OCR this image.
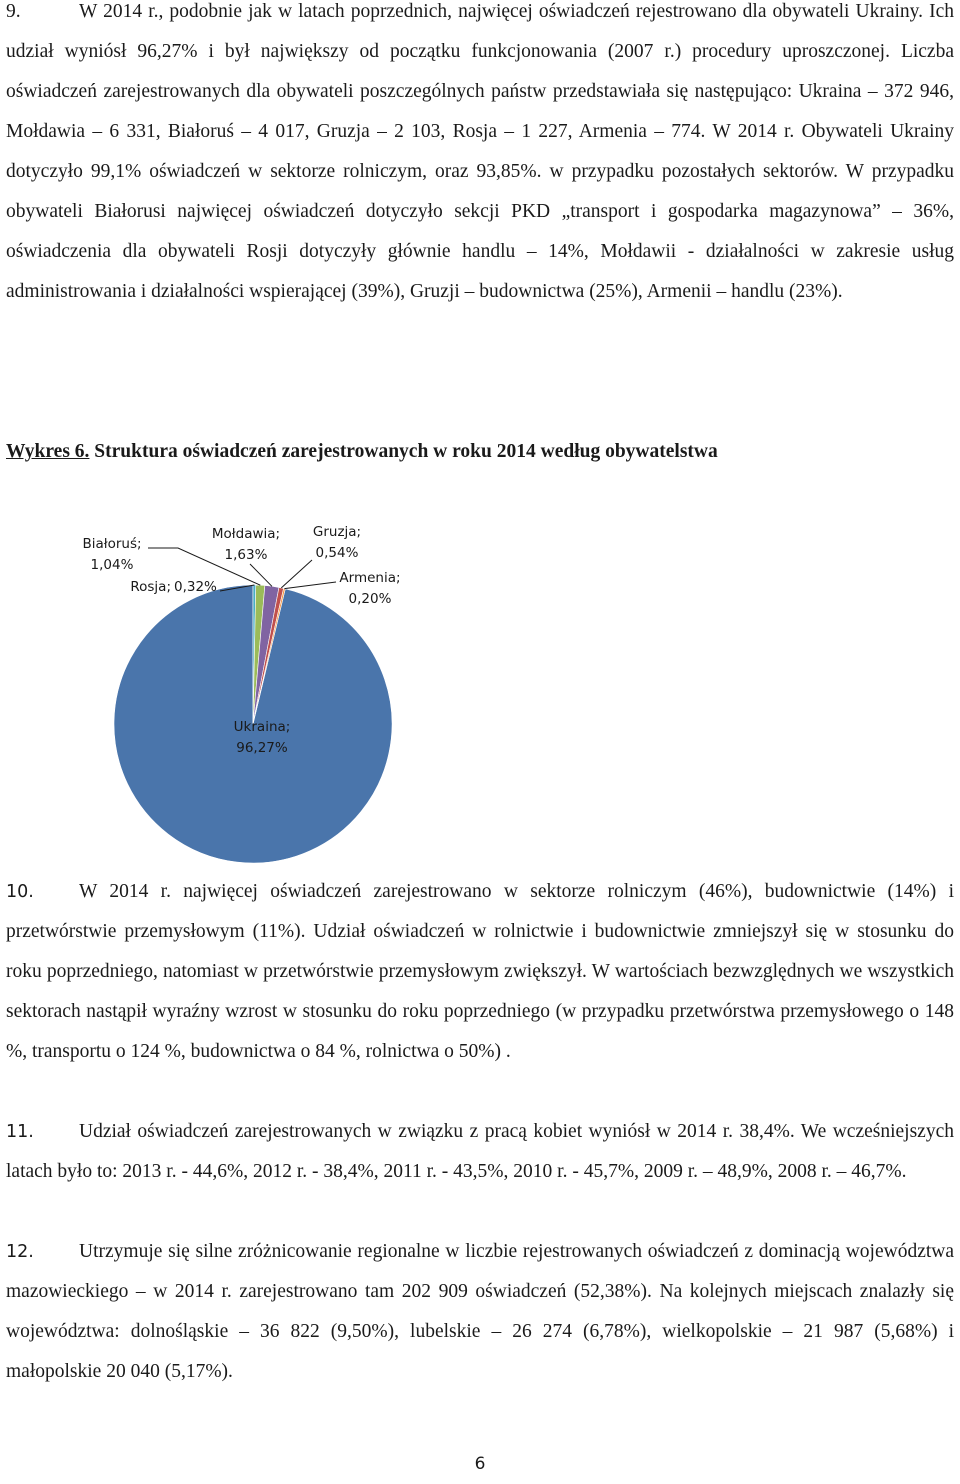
9.	W 2014 r., podobnie jak w latach poprzednich, najwięcej oświadczeń rejestrowano dla obywateli Ukrainy. Ich udział wyniósł 96,27% i był największy od początku funkcjonowania (2007 r.) procedury uproszczonej. Liczba oświadczeń zarejestrowanych dla obywateli poszczególnych państw przedstawiała się następująco: Ukraina – 372 946, Mołdawia – 6 331, Białoruś – 4 017, Gruzja – 2 103, Rosja – 1 227, Armenia – 774. W 2014 r. Obywateli Ukrainy dotyczyło 99,1% oświadczeń w sektorze rolniczym, oraz 93,85%. w przypadku pozostałych sektorów. W przypadku obywateli Białorusi najwięcej oświadczeń dotyczyło sekcji PKD „transport i gospodarka magazynowa” – 36%, oświadczenia dla obywateli Rosji dotyczyły głównie handlu – 14%, Mołdawii - działalności w zakresie usług administrowania i działalności wspierającej (39%), Gruzji – budownictwa (25%), Armenii – handlu (23%).

Wykres 6. Struktura oświadczeń zarejestrowanych w roku 2014 według obywatelstwa

Białoruś;
1,04%
Mołdawia;
1,63%
Gruzja;
0,54%
Armenia;
0,20%
Rosja; 0,32%
Ukraina;
96,27%

10. W 2014 r. najwięcej oświadczeń zarejestrowano w sektorze rolniczym (46%), budownictwie (14%) i przetwórstwie przemysłowym (11%). Udział oświadczeń w rolnictwie i budownictwie zmniejszył się w stosunku do roku poprzedniego, natomiast w przetwórstwie przemysłowym zwiększył. W wartościach bezwzględnych we wszystkich sektorach nastąpił wyraźny wzrost w stosunku do roku poprzedniego (w przypadku przetwórstwa przemysłowego o 148 %, transportu o 124 %, budownictwa o 84 %, rolnictwa o 50%) .

11. Udział oświadczeń zarejestrowanych w związku z pracą kobiet wyniósł w 2014 r. 38,4%. We wcześniejszych latach było to: 2013 r. - 44,6%, 2012 r. - 38,4%, 2011 r. - 43,5%, 2010 r. - 45,7%, 2009 r. – 48,9%, 2008 r. – 46,7%.

12. Utrzymuje się silne zróżnicowanie regionalne w liczbie rejestrowanych oświadczeń z dominacją województwa mazowieckiego – w 2014 r. zarejestrowano tam 202 909 oświadczeń (52,38%). Na kolejnych miejscach znalazły się województwa: dolnośląskie – 36 822 (9,50%), lubelskie – 26 274 (6,78%), wielkopolskie – 21 987 (5,68%) i małopolskie 20 040 (5,17%).

6
